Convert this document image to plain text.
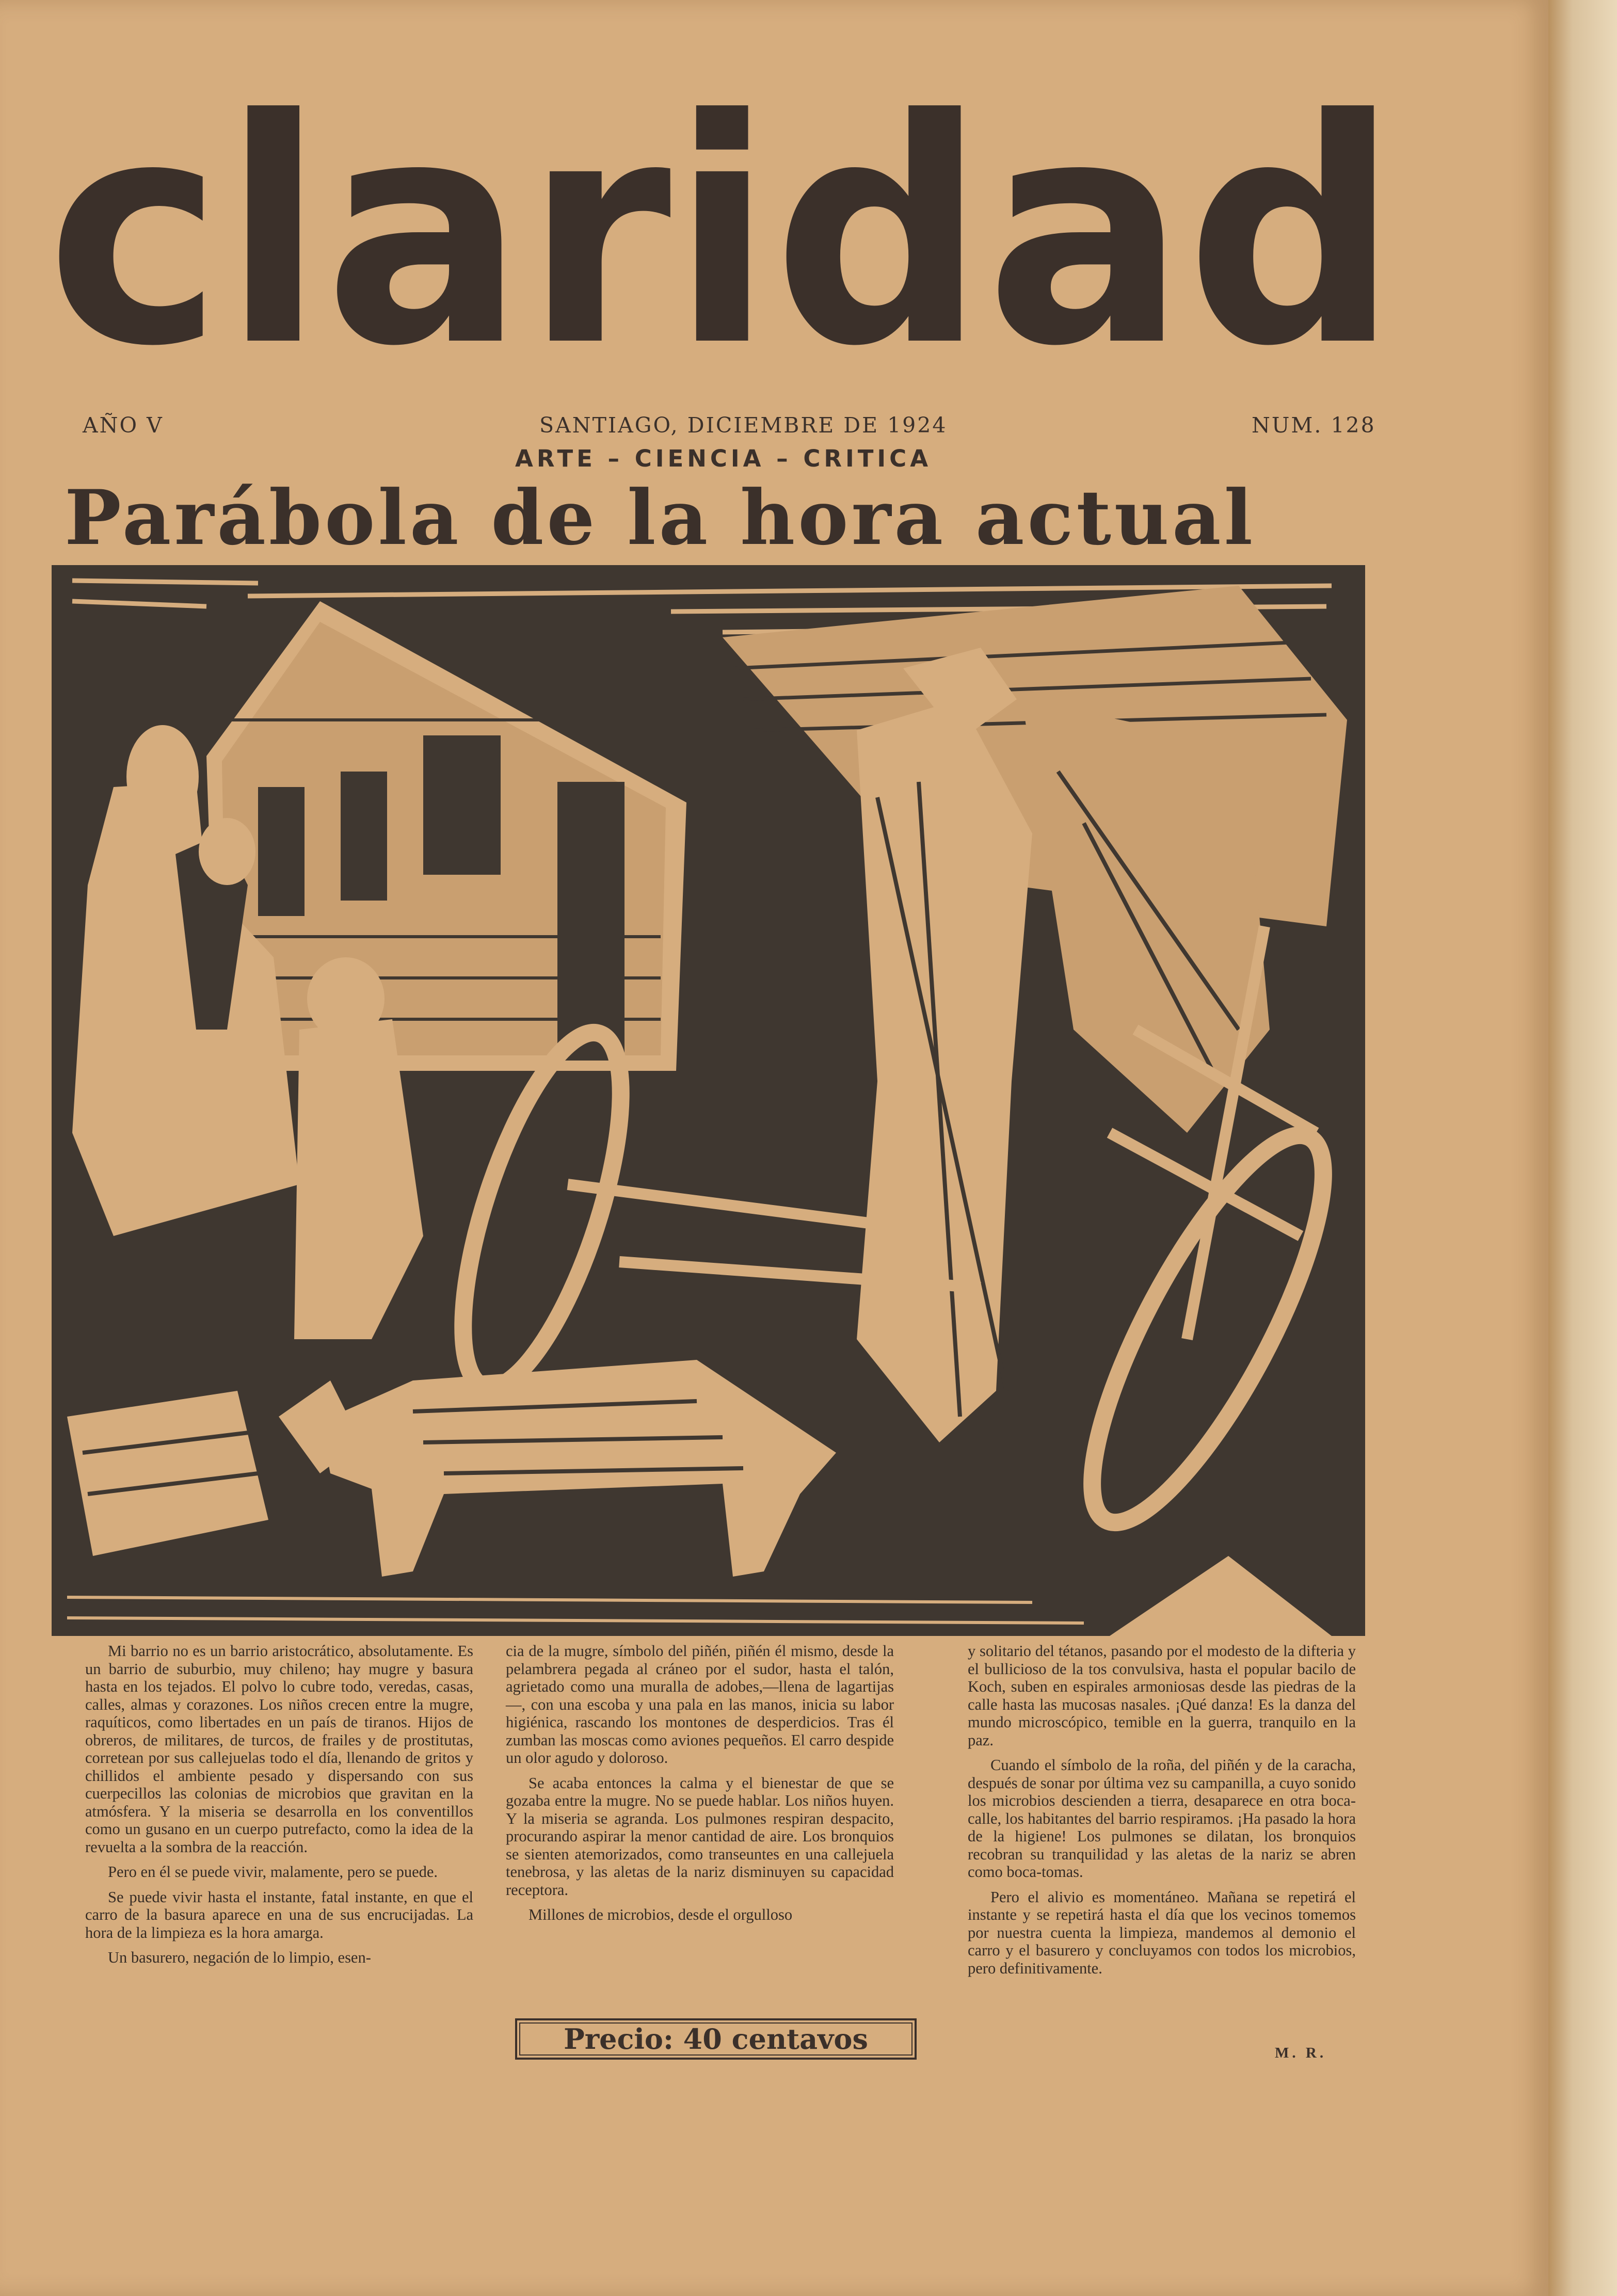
claridad
AÑO V	SANTIAGO, DICIEMBRE DE 1924	NUM. 128
ARTE – CIENCIA – CRITICA
Parábola de la hora actual

Mi barrio no es un barrio aristocrático, absolutamente. Es un barrio de suburbio, muy chileno; hay mugre y basura hasta en los tejados. El polvo lo cubre todo, veredas, casas, calles, almas y corazones. Los niños crecen entre la mugre, raquíticos, como libertades en un país de tiranos. Hijos de obreros, de militares, de turcos, de frailes y de prostitutas, corretean por sus callejuelas todo el día, llenando de gritos y chillidos el ambiente pesado y dispersando con sus cuerpecillos las colonias de microbios que gravitan en la atmósfera. Y la miseria se desarrolla en los conventillos como un gusano en un cuerpo putrefacto, como la idea de la revuelta a la sombra de la reacción.

Pero en él se puede vivir, malamente, pero se puede.

Se puede vivir hasta el instante, fatal instante, en que el carro de la basura aparece en una de sus encrucijadas. La hora de la limpieza es la hora amarga.

Un basurero, negación de lo limpio, esen-

cia de la mugre, símbolo del piñén, piñén él mismo, desde la pelambrera pegada al cráneo por el sudor, hasta el talón, agrietado como una muralla de adobes,—llena de lagartijas—, con una escoba y una pala en las manos, inicia su labor higiénica, rascando los montones de desperdicios. Tras él zumban las moscas como aviones pequeños. El carro despide un olor agudo y doloroso.

Se acaba entonces la calma y el bienestar de que se gozaba entre la mugre. No se puede hablar. Los niños huyen. Y la miseria se agranda. Los pulmones respiran despacito, procurando aspirar la menor cantidad de aire. Los bronquios se sienten atemorizados, como transeuntes en una callejuela tenebrosa, y las aletas de la nariz disminuyen su capacidad receptora.

Millones de microbios, desde el orgulloso

y solitario del tétanos, pasando por el modesto de la difteria y el bullicioso de la tos convulsiva, hasta el popular bacilo de Koch, suben en espirales armoniosas desde las piedras de la calle hasta las mucosas nasales. ¡Qué danza! Es la danza del mundo microscópico, temible en la guerra, tranquilo en la paz.

Cuando el símbolo de la roña, del piñén y de la caracha, después de sonar por última vez su campanilla, a cuyo sonido los microbios descienden a tierra, desaparece en otra boca-calle, los habitantes del barrio respiramos. ¡Ha pasado la hora de la higiene! Los pulmones se dilatan, los bronquios recobran su tranquilidad y las aletas de la nariz se abren como boca-tomas.

Pero el alivio es momentáneo. Mañana se repetirá el instante y se repetirá hasta el día que los vecinos tomemos por nuestra cuenta la limpieza, mandemos al demonio el carro y el basurero y concluyamos con todos los microbios, pero definitivamente.

Precio: 40 centavos	M. R.
